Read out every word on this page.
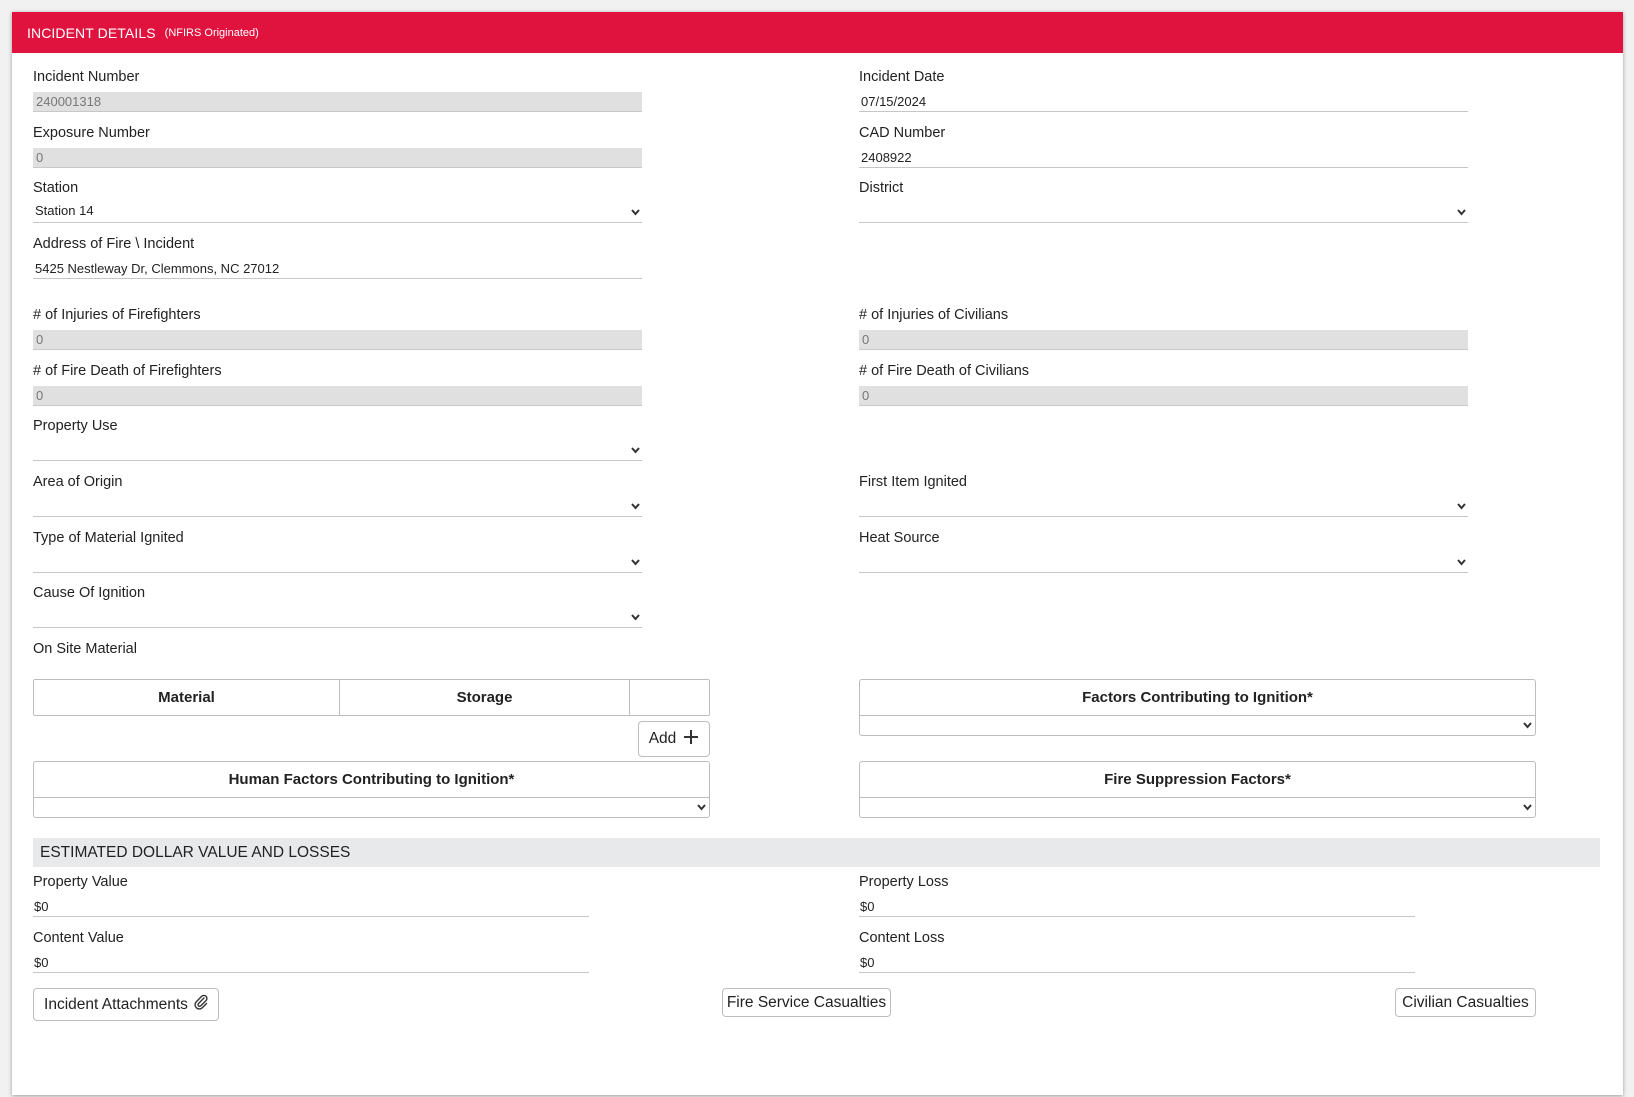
INCIDENT DETAILS (NFIRS Originated)
Incident Number
240001318
Incident Date
07/15/2024
Exposure Number
0
CAD Number
2408922
Station
Station 14
District
Address of Fire \ Incident
5425 Nestleway Dr, Clemmons, NC 27012
# of Injuries of Firefighters
0
# of Injuries of Civilians
0
# of Fire Death of Firefighters
0
# of Fire Death of Civilians
0
Property Use
Area of Origin	First Item Ignited
Type of Material Ignited	Heat Source
Cause Of Ignition
On Site Material
Material	Storage
Add
Factors Contributing to Ignition*
Human Factors Contributing to Ignition*	Fire Suppression Factors*
ESTIMATED DOLLAR VALUE AND LOSSES
Property Value
$0
Property Loss
$0
Content Value
$0
Content Loss
$0
Incident Attachments	Fire Service Casualties	Civilian Casualties
